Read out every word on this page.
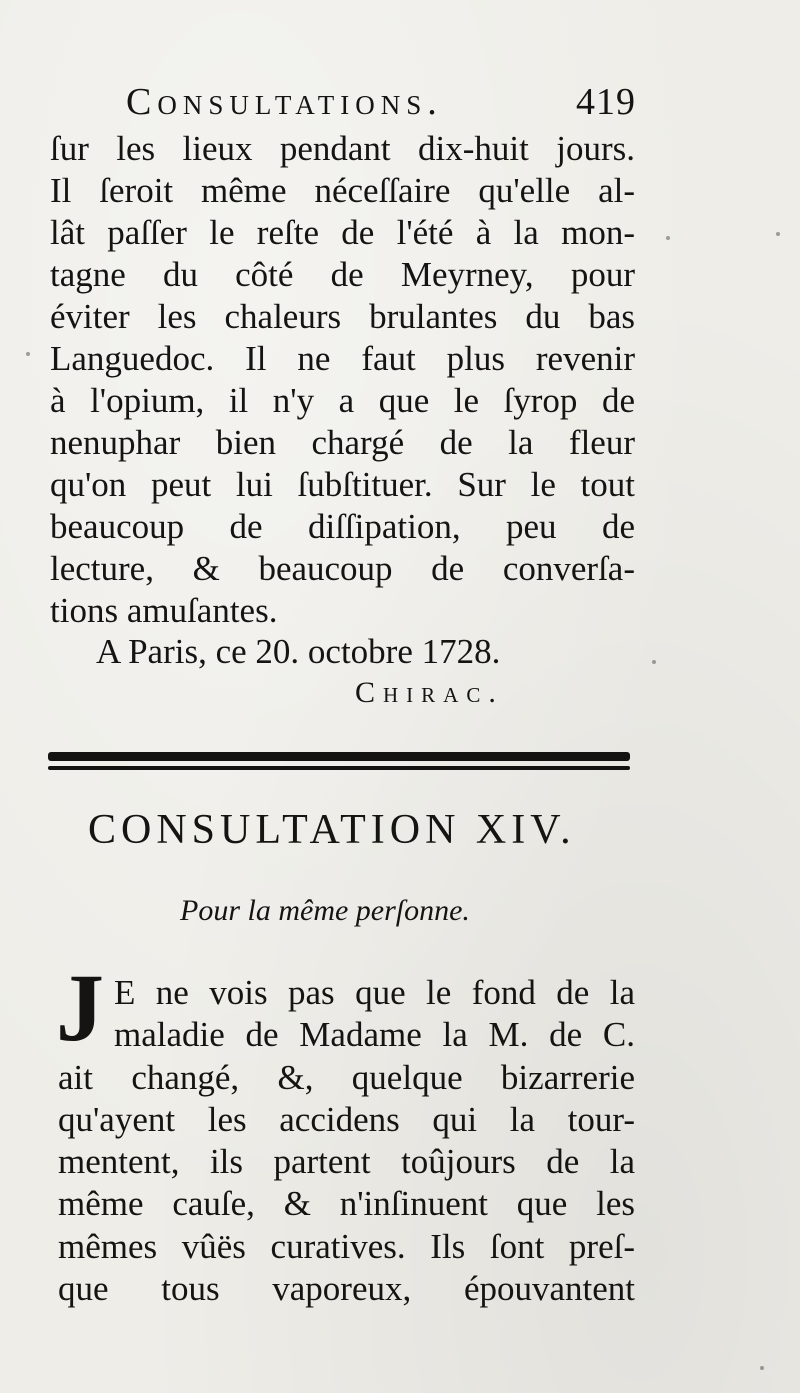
Consultations.	419
ſur les lieux pendant dix-huit jours.
Il ſeroit même néceſſaire qu'elle al-
lât paſſer le reſte de l'été à la mon-
tagne du côté de Meyrney, pour
éviter les chaleurs brulantes du bas
Languedoc. Il ne faut plus revenir
à l'opium, il n'y a que le ſyrop de
nenuphar bien chargé de la fleur
qu'on peut lui ſubſtituer. Sur le tout
beaucoup de diſſipation, peu de
lecture, & beaucoup de converſa-
tions amuſantes.
A Paris, ce 20. octobre 1728.
Chirac.
CONSULTATION XIV.
Pour la même perſonne.
J E ne vois pas que le fond de la
maladie de Madame la M. de C.
ait changé, &, quelque bizarrerie
qu'ayent les accidens qui la tour-
mentent, ils partent toûjours de la
même cauſe, & n'inſinuent que les
mêmes vûës curatives. Ils ſont preſ-
que tous vaporeux, épouvantent
